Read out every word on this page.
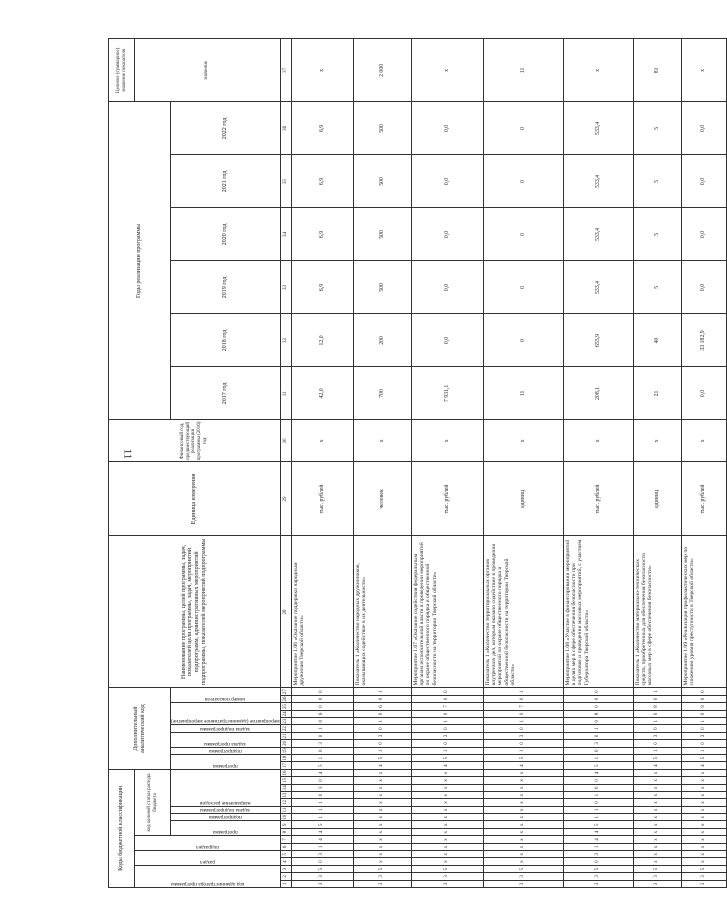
11
Коды бюджетной классификации																Дополнительный аналитический код											Наименование программы, целей программы, задач, показателей цели программы, задач, мероприятий подпрограмм, административных мероприятий подпрограммы, показателей мероприятий подпрограммы	Единица измерения	Финансовый год, предшествующий реализации программы (2016) год	Годы реализации программы						Целевое (суммарное) значение показателя

код администратора программы			раздел		подраздел		код целевой статьи расхода бюджета																													значение

							программа		подпрограмма	задача подпрограммы	направление расходов					программа		подпрограмма	задача программы		задача подпрограммы	мероприятие (административное мероприятие)			номер показателя					2017 год	2018 год	2019 год	2020 год	2021 год	2022 год	
1	2	3	4	5	6	7	8	9	10	11	12	13	14	15	16	17	18	19	20	21	22	23	24	25	26	27	28	29	30	31	32	33	34	35	36	37
3	3	5	0	3	1	4	4	5	1	1	1	0	3	0	4	5	1	0	3	0	1	0	6	0	0	0	Мероприятие 1.06 «Оказание поддержки народным дружинам Тверской области»	тыс. рублей	х	42,0	12,0	6,9	6,9	6,9	6,9	х
3	3	5	х	х	х	х	х	х	х	х	х	х	х	х	х	4	5	1	0	3	0	1	0	6	0	1	Показатель 1 «Количество народных дружинников, оказывающих содействие в их деятельности»	человек	х	700	200	500	500	500	500	2 000
3	3	5	х	х	х	х	х	х	х	х	х	х	х	х	х	4	5	1	0	3	0	1	0	7	0	0	Мероприятие 1.07 «Оказание содействия федеральным органам исполнительной власти в проведении мероприятий по охране общественного порядка и общественной безопасности на территории Тверской области»	тыс. рублей	х	7 931,1	0,0	0,0	0,0	0,0	0,0	х
3	3	5	х	х	х	х	х	х	х	х	х	х	х	х	х	4	5	1	0	3	0	1	0	7	0	1	Показатель 1 «Количество территориальных органов внутренних дел, которым оказано содействие в проведении мероприятий по охране общественного порядка и общественной безопасности на территории Тверской области»	единиц	х	11	0	0	0	0	0	11
3	3	5	0	3	1	4	4	5	1	1	0	1	0	0	4	5	1	0	3	0	1	0	8	0	0	0	Мероприятие 1.08 «Участие в финансировании мероприятий в целях мер в сфере обеспечения безопасности при подготовке и проведении массовых мероприятий, с участием Губернатора Тверской области»	тыс. рублей	х	208,1	655,9	533,4	533,4	533,4	533,4	х
3	3	5	х	х	х	х	х	х	х	х	х	х	х	х	х	4	5	1	0	3	0	1	0	8	0	1	Показатель 1 «Количество материально-технических средств, приобретенных для обеспечения безопасности массовых мер в сфере обеспечения безопасности»	единиц	х	21	40	5	5	5	5	81
3	3	5	х	х	х	х	х	х	х	х	х	х	х	х	х	4	5	1	0	3	0	1	0	9	0	0	Мероприятие 1.09 «Реализация профилактических мер по снижению уровня преступности в Тверской области»	тыс. рублей	х	0,0	33 182,9	0,0	0,0	0,0	0,0	х
